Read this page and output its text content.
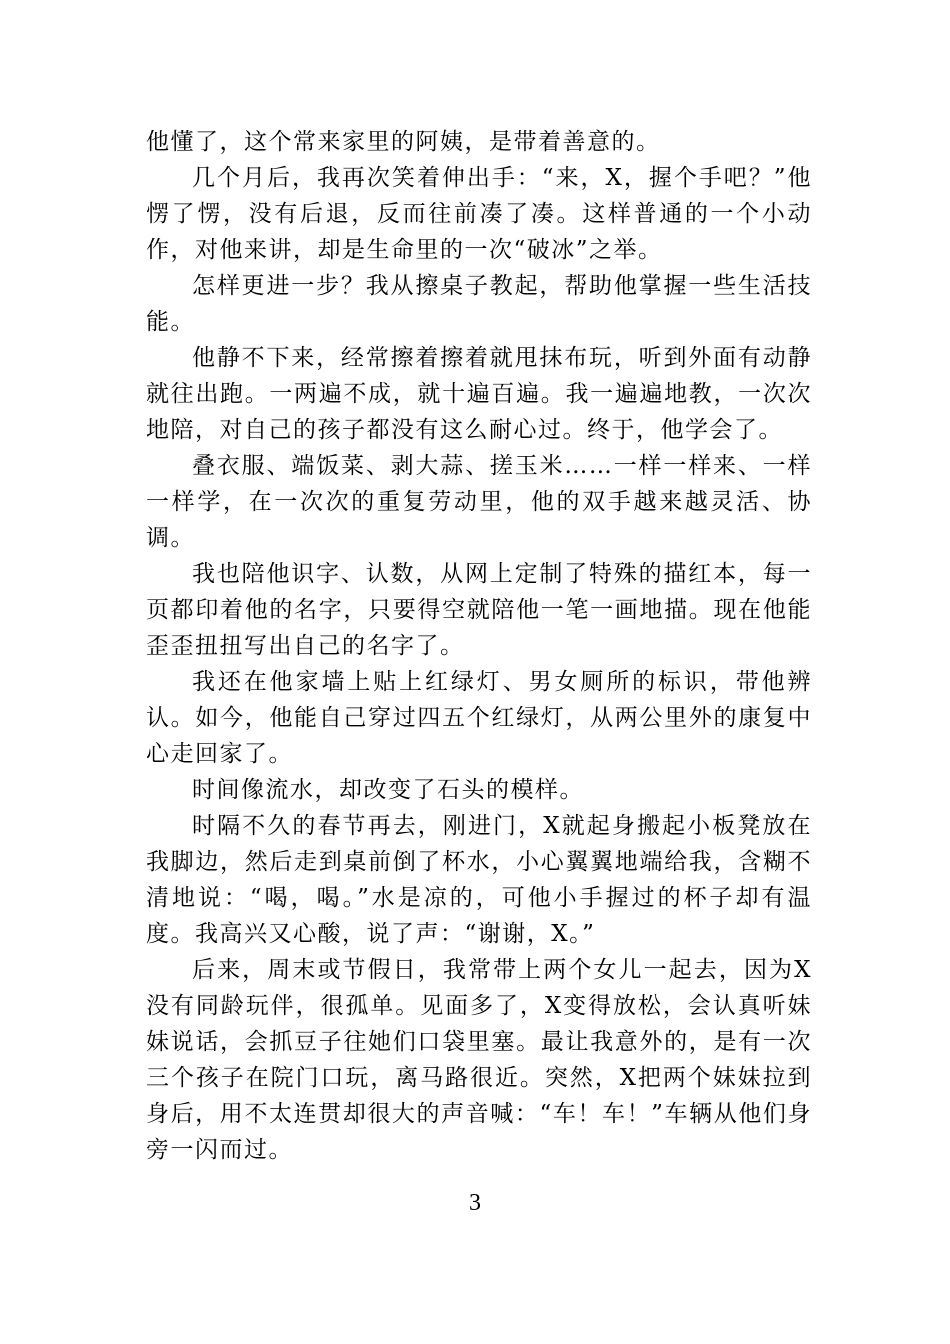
他懂了，这个常来家里的阿姨，是带着善意的。

几个月后，我再次笑着伸出手：“来，X，握个手吧？”他愣了愣，没有后退，反而往前凑了凑。这样普通的一个小动作，对他来讲，却是生命里的一次“破冰”之举。

怎样更进一步？我从擦桌子教起，帮助他掌握一些生活技能。

他静不下来，经常擦着擦着就甩抹布玩，听到外面有动静就往出跑。一两遍不成，就十遍百遍。我一遍遍地教，一次次地陪，对自己的孩子都没有这么耐心过。终于，他学会了。

叠衣服、端饭菜、剥大蒜、搓玉米……一样一样来、一样一样学，在一次次的重复劳动里，他的双手越来越灵活、协调。

我也陪他识字、认数，从网上定制了特殊的描红本，每一页都印着他的名字，只要得空就陪他一笔一画地描。现在他能歪歪扭扭写出自己的名字了。

我还在他家墙上贴上红绿灯、男女厕所的标识，带他辨认。如今，他能自己穿过四五个红绿灯，从两公里外的康复中心走回家了。

时间像流水，却改变了石头的模样。

时隔不久的春节再去，刚进门，X就起身搬起小板凳放在我脚边，然后走到桌前倒了杯水，小心翼翼地端给我，含糊不清地说：“喝，喝。”水是凉的，可他小手握过的杯子却有温度。我高兴又心酸，说了声：“谢谢，X。”

后来，周末或节假日，我常带上两个女儿一起去，因为X没有同龄玩伴，很孤单。见面多了，X变得放松，会认真听妹妹说话，会抓豆子往她们口袋里塞。最让我意外的，是有一次三个孩子在院门口玩，离马路很近。突然，X把两个妹妹拉到身后，用不太连贯却很大的声音喊：“车！车！”车辆从他们身旁一闪而过。

3
